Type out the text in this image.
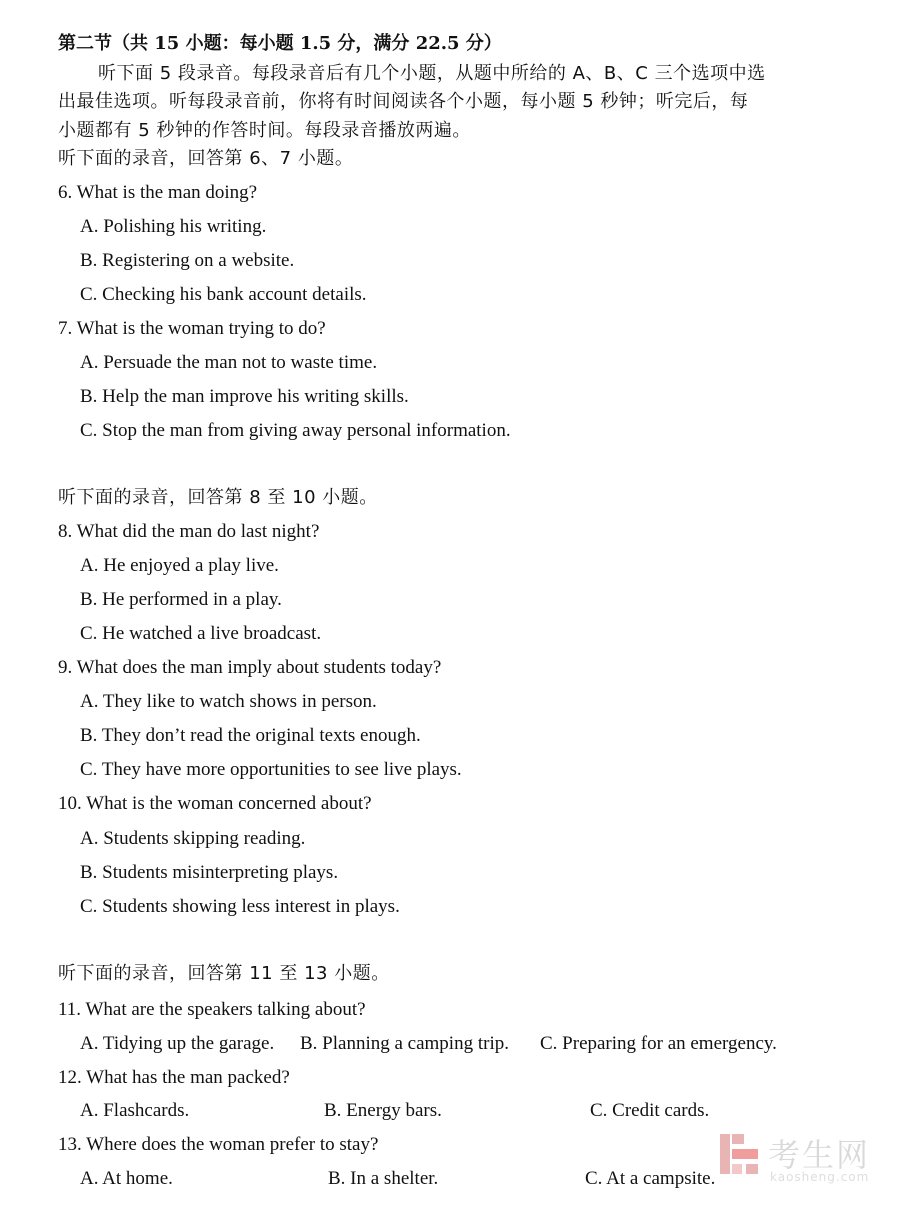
第二节（共 15 小题：每小题 1.5 分，满分 22.5 分）
听下面 5 段录音。每段录音后有几个小题，从题中所给的 A、B、C 三个选项中选
出最佳选项。听每段录音前，你将有时间阅读各个小题，每小题 5 秒钟；听完后，每
小题都有 5 秒钟的作答时间。每段录音播放两遍。
听下面的录音，回答第 6、7 小题。
6. What is the man doing?
A. Polishing his writing.
B. Registering on a website.
C. Checking his bank account details.
7. What is the woman trying to do?
A. Persuade the man not to waste time.
B. Help the man improve his writing skills.
C. Stop the man from giving away personal information.
听下面的录音，回答第 8 至 10 小题。
8. What did the man do last night?
A. He enjoyed a play live.
B. He performed in a play.
C. He watched a live broadcast.
9. What does the man imply about students today?
A. They like to watch shows in person.
B. They don’t read the original texts enough.
C. They have more opportunities to see live plays.
10. What is the woman concerned about?
A. Students skipping reading.
B. Students misinterpreting plays.
C. Students showing less interest in plays.
听下面的录音，回答第 11 至 13 小题。
11. What are the speakers talking about?
A. Tidying up the garage. B. Planning a camping trip. C. Preparing for an emergency.
12. What has the man packed?
A. Flashcards.	B. Energy bars.	C. Credit cards.
13. Where does the woman prefer to stay?
A. At home.	B. In a shelter.	C. At a campsite.
考生网
kaosheng.com
